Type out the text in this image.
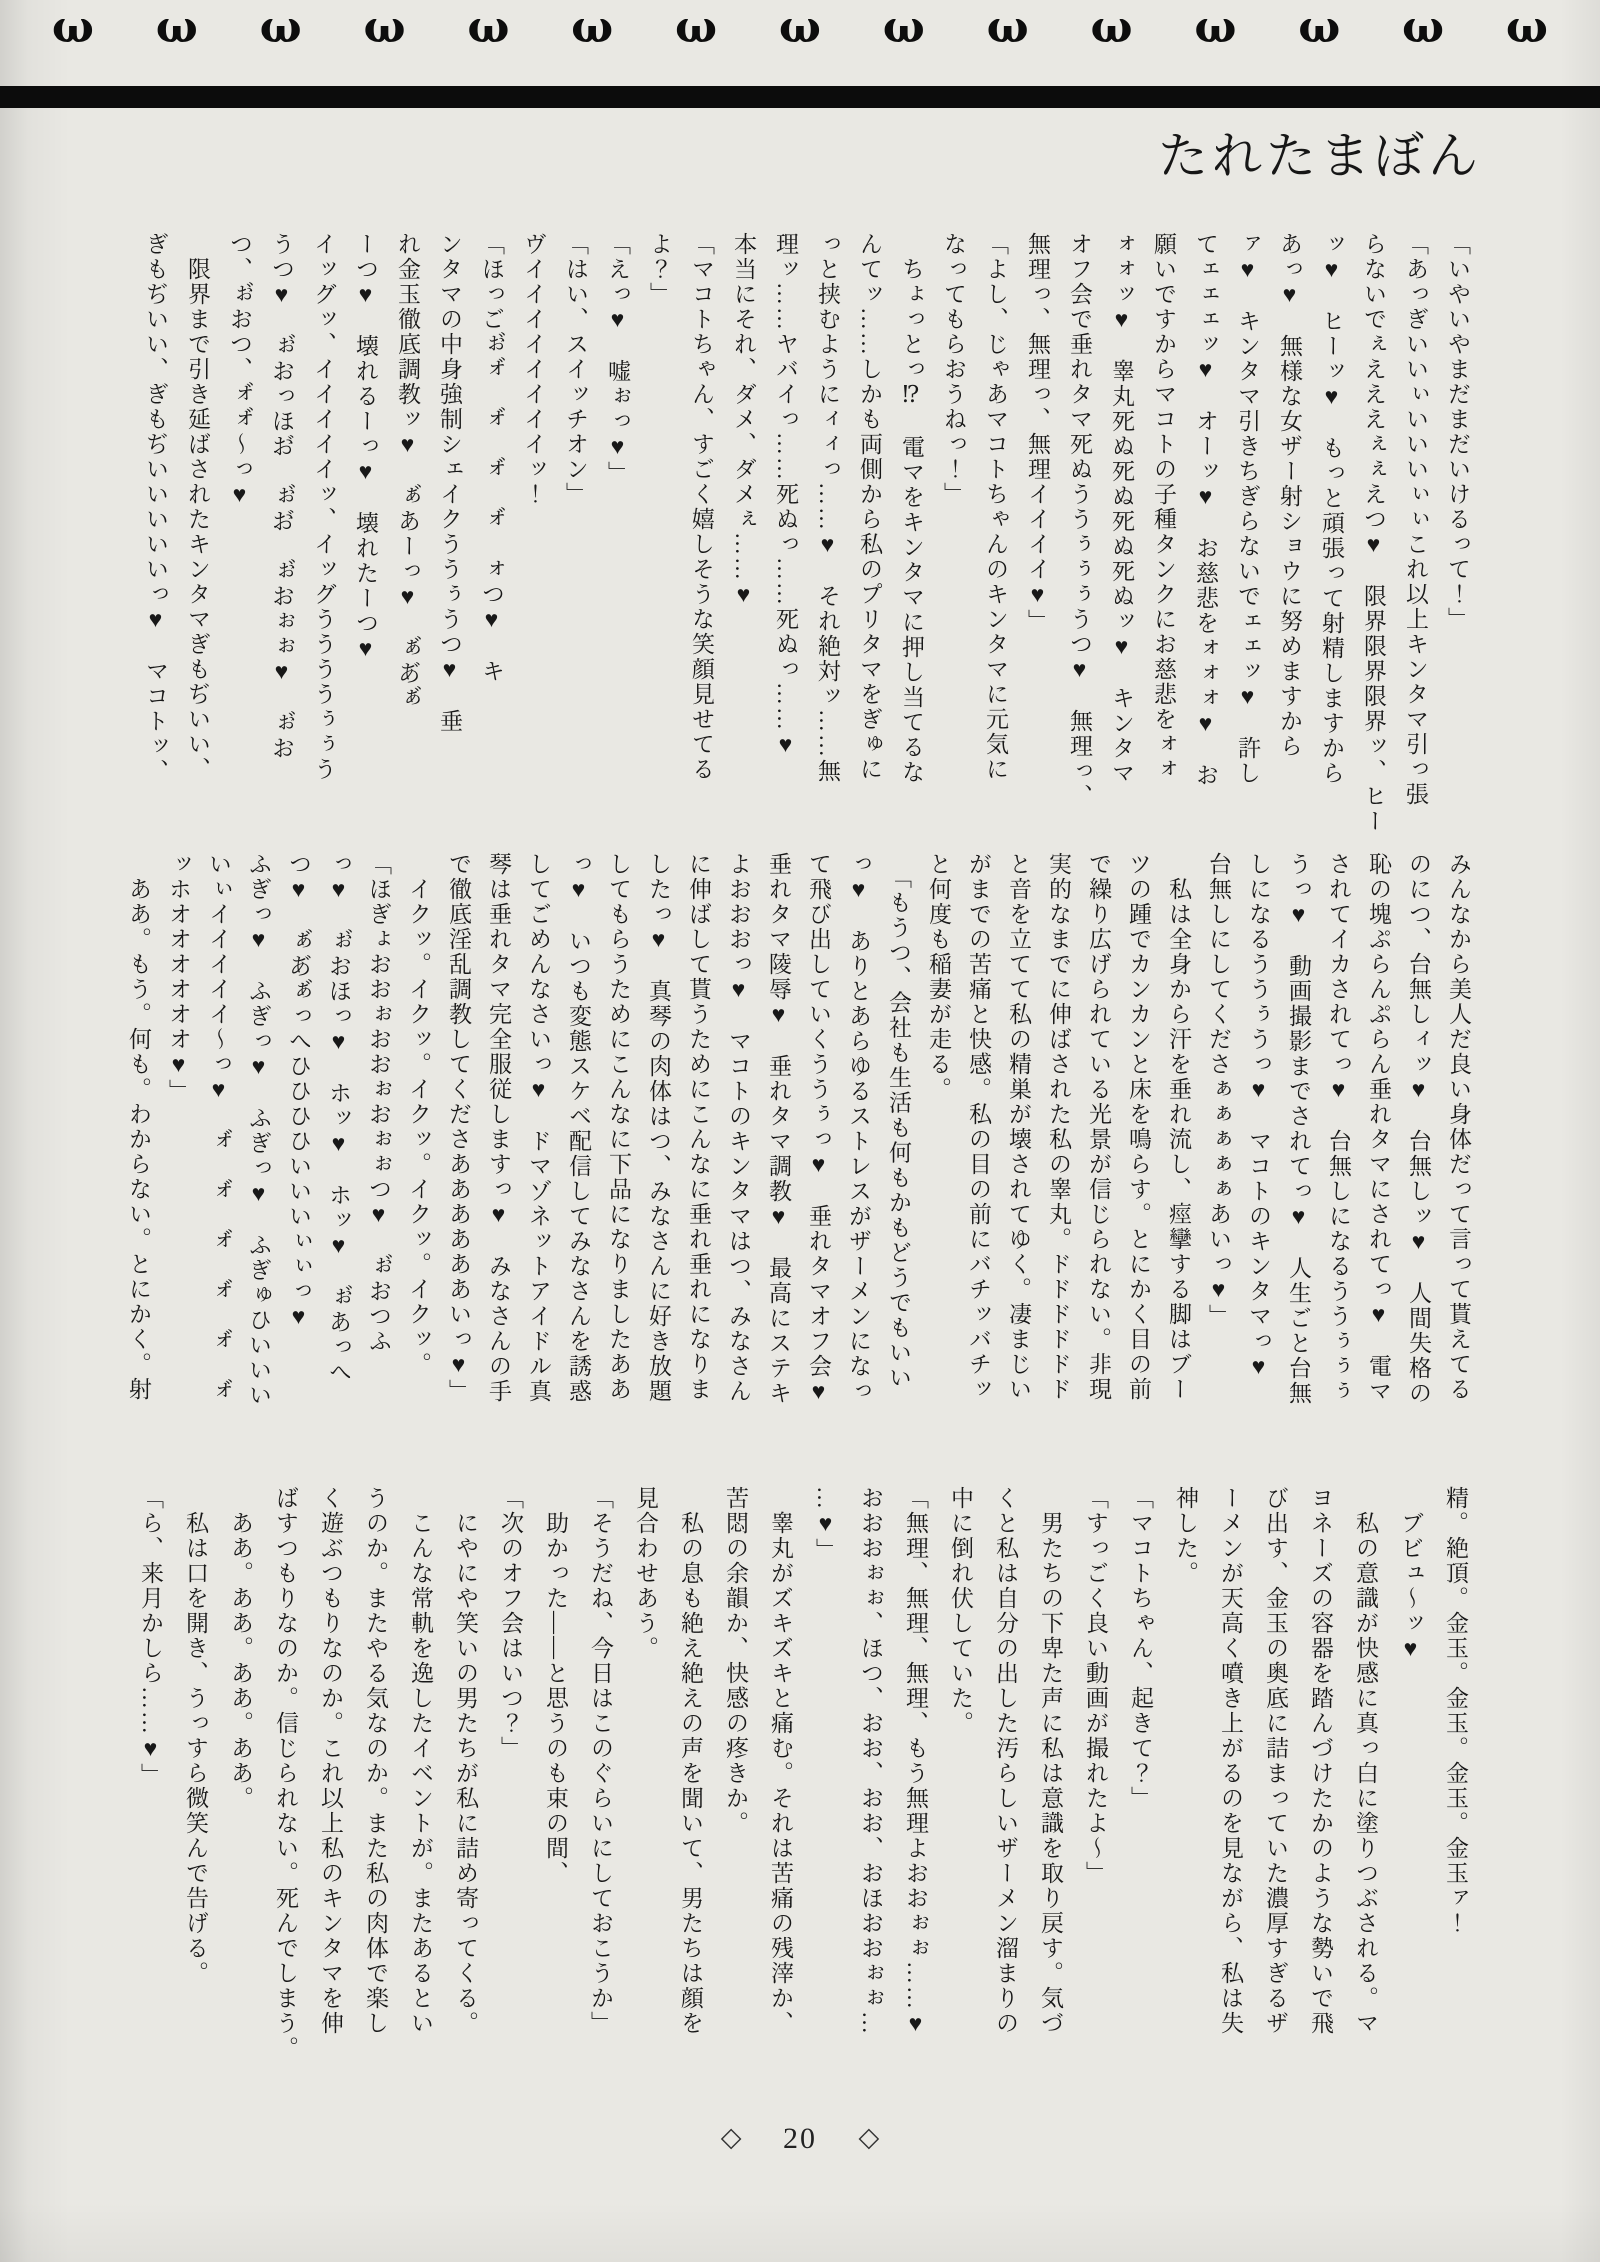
ω ω ω ω ω ω ω ω ω ω ω ω ω ω ω
たれたまぼん

「いやいやまだまだいけるって！」

「あっぎいいぃいいいぃぃこれ以上キンタマ引っ張

らないでぇえええぇぇえつ♥　限界限界限界ッ、ヒー

ッ♥　ヒーッ♥　もっと頑張って射精しますから

あっ♥　無様な女ザー射ショウに努めますから

ァ♥　キンタマ引きちぎらないでェェッ♥　許し

てェェェッ♥　オーッ♥　お慈悲をォォォ♥　お

願いですからマコトの子種タンクにお慈悲をォォ

ォォッ♥　睾丸死ぬ死ぬ死ぬ死ぬッ♥　キンタマ

オフ会で垂れタマ死ぬううぅぅぅうつ♥　無理っ、

無理っ、無理っ、無理イイイイ♥」

「よし、じゃあマコトちゃんのキンタマに元気に

なってもらおうねっ！」

　ちょっとっ⁉　電マをキンタマに押し当てるな

んてッ……しかも両側から私のプリタマをぎゅに

っと挟むようにィィっ……♥　それ絶対ッ……無

理ッ……ヤバイっ……死ぬっ……死ぬっ……♥

本当にそれ、ダメ、ダメぇ……♥

「マコトちゃん、すごく嬉しそうな笑顔見せてる

よ？」

「えっ♥　嘘ぉっ♥」

「はい、スイッチオン」

ヴイイイイイイイイッ！

「ほっごぉ゙ォ゙　ォ゙　ォ゙　ォ゙　ォつ♥　キ

ンタマの中身強制シェイクううぅうつ♥　垂

れ金玉徹底調教ッ♥　ぁ゙あーっ♥　ぁ゙あ゙ぁ゙

ーつ♥　壊れるーっ♥　壊れたーつ♥

イッグッ、イイイイイッ、イッグううううぅぅう

うつ♥　ぉ゙おっほお゙　ぉ゙お゙　ぉ゙おぉぉ♥　ぉ゙お

つ、ぉ゙おつ、ォ゙ォ゙〜っ♥

　限界まで引き延ばされたキンタマぎもぢいい、

ぎもぢいい、ぎもぢいいいいいっ♥　マコトッ、

みんなから美人だ良い身体だって言って貰えてる

のにつ、台無しィッ♥　台無しッ♥　人間失格の

恥の塊ぷらんぷらん垂れタマにされてっ♥　電マ

されてイカされてっ♥　台無しになるううぅぅぅ

うっ♥　動画撮影までされてっ♥　人生ごと台無

しになるううぅうっ♥　マコトのキンタマっ♥

台無しにしてくださぁぁぁぁぁあいっ♥」

　私は全身から汗を垂れ流し、痙攣する脚はブー

ツの踵でカンカンと床を鳴らす。とにかく目の前

で繰り広げられている光景が信じられない。非現

実的なまでに伸ばされた私の睾丸。ドドドドドド

と音を立てて私の精巣が壊されてゆく。凄まじい

がまでの苦痛と快感。私の目の前にバチッバチッ

と何度も稲妻が走る。

　「もうつ、会社も生活も何もかもどうでもいい

っ♥　ありとあらゆるストレスがザーメンになっ

て飛び出していくううぅっ♥　垂れタマオフ会♥

垂れタマ陵辱♥　垂れタマ調教♥　最高にステキ

よおおおっ♥　マコトのキンタマはつ、みなさん

に伸ばして貰うためにこんなに垂れ垂れになりま

したっ♥　真琴の肉体はつ、みなさんに好き放題

してもらうためにこんなに下品になりましたああ

っ♥　いつも変態スケベ配信してみなさんを誘惑

してごめんなさいっ♥　ドマゾネットアイドル真

琴は垂れタマ完全服従しますっ♥　みなさんの手

で徹底淫乱調教してくださああああああいっ♥」

　イクッ。イクッ。イクッ。イクッ。イクッ。

「ほぎょおおぉおおぉおぉぉつ♥　ぉ゙おつふ

っ♥　ぉ゙おほっ♥　ホッ♥　ホッ♥　ぉ゙あっへ

つ♥　ぁ゙あ゙ぁ゙っへひひひひいいいぃぃっ♥

ふぎっ♥　ふぎっ♥　ふぎっ♥　ふぎゅひいいい

いぃイイイイイ〜っ♥　ォ゙　ォ゙　ォ゙　ォ゙　ォ゙　ォ゙

ッホオオオオオオ♥」

　ああ。もう。何も。わからない。とにかく。射

精。絶頂。金玉。金玉。金玉。金玉ァ！

　ブビュ〜ッ♥

　私の意識が快感に真っ白に塗りつぶされる。マ

ヨネーズの容器を踏んづけたかのような勢いで飛

び出す、金玉の奥底に詰まっていた濃厚すぎるザ

ーメンが天高く噴き上がるのを見ながら、私は失

神した。

「マコトちゃん、起きて？」

「すっごく良い動画が撮れたよ〜」

　男たちの下卑た声に私は意識を取り戻す。気づ

くと私は自分の出した汚らしいザーメン溜まりの

中に倒れ伏していた。

「無理、無理、無理、もう無理よおおぉぉ……♥

おおおぉぉ、ほつ、おお、おお、おほおおぉぉ…

…♥」

　睾丸がズキズキと痛む。それは苦痛の残滓か、

苦悶の余韻か、快感の疼きか。

　私の息も絶え絶えの声を聞いて、男たちは顔を

見合わせあう。

「そうだね、今日はこのぐらいにしておこうか」

　助かった——と思うのも束の間、

「次のオフ会はいつ？」

　にやにや笑いの男たちが私に詰め寄ってくる。

　こんな常軌を逸したイベントが。またあるとい

うのか。またやる気なのか。また私の肉体で楽し

く遊ぶつもりなのか。これ以上私のキンタマを伸

ばすつもりなのか。信じられない。死んでしまう。

　ああ。ああ。ああ。ああ。

　私は口を開き、うっすら微笑んで告げる。

「ら、来月かしら……♥」

◇ 20 ◇
